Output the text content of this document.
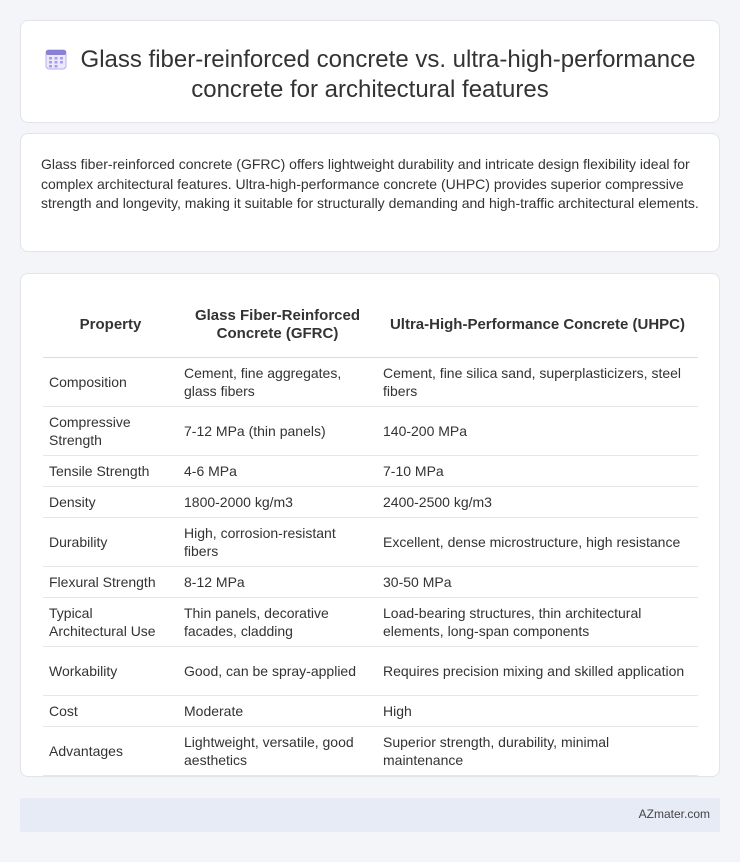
Glass fiber-reinforced concrete vs. ultra-high-performance concrete for architectural features

Glass fiber-reinforced concrete (GFRC) offers lightweight durability and intricate design flexibility ideal for complex architectural features. Ultra-high-performance concrete (UHPC) provides superior compressive strength and longevity, making it suitable for structurally demanding and high-traffic architectural elements.

Property	Glass Fiber-Reinforced Concrete (GFRC)	Ultra-High-Performance Concrete (UHPC)
Composition	Cement, fine aggregates, glass fibers	Cement, fine silica sand, superplasticizers, steel fibers
Compressive Strength	7-12 MPa (thin panels)	140-200 MPa
Tensile Strength	4-6 MPa	7-10 MPa
Density	1800-2000 kg/m3	2400-2500 kg/m3
Durability	High, corrosion-resistant fibers	Excellent, dense microstructure, high resistance
Flexural Strength	8-12 MPa	30-50 MPa
Typical Architectural Use	Thin panels, decorative facades, cladding	Load-bearing structures, thin architectural elements, long-span components
Workability	Good, can be spray-applied	Requires precision mixing and skilled application
Cost	Moderate	High
Advantages	Lightweight, versatile, good aesthetics	Superior strength, durability, minimal maintenance
AZmater.com
